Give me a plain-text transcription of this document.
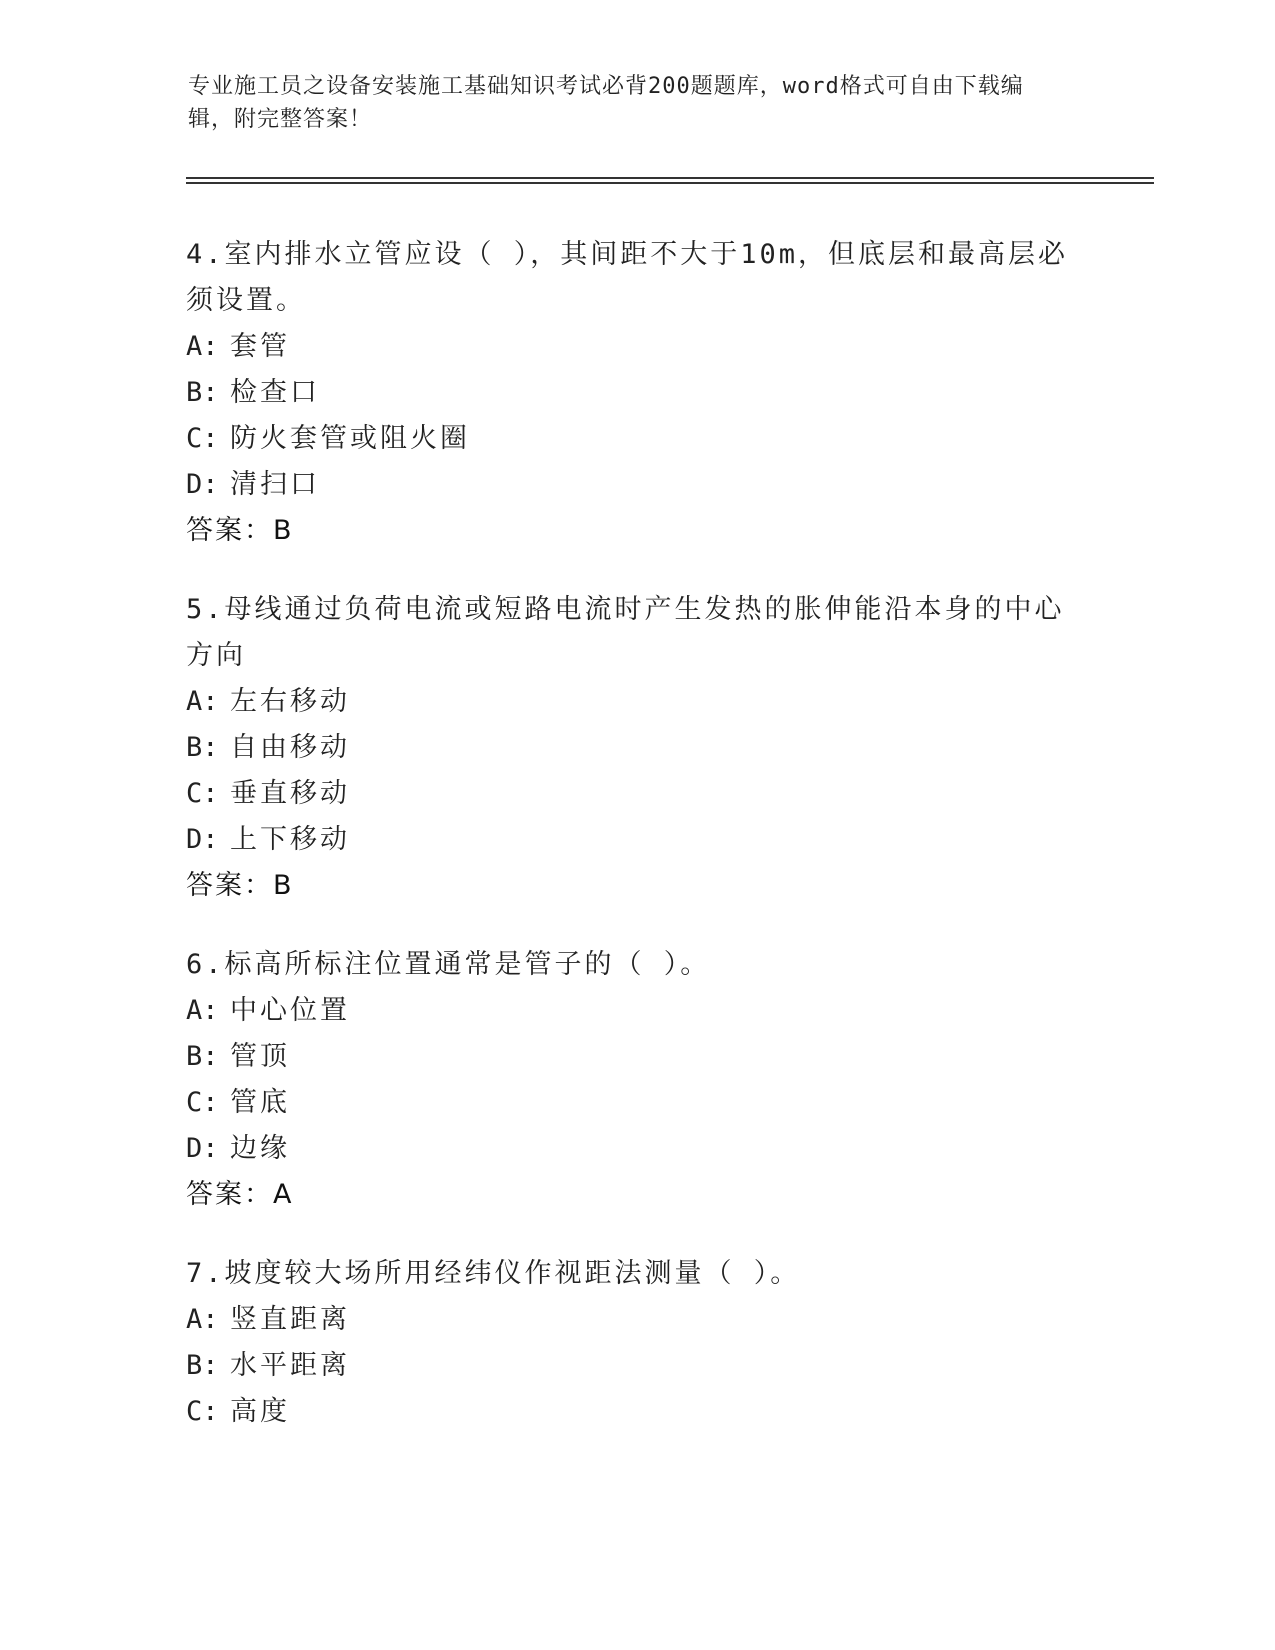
专业施工员之设备安装施工基础知识考试必背200题题库，word格式可自由下载编辑，附完整答案！

4.室内排水立管应设（ ），其间距不大于10m，但底层和最高层必须设置。

A: 套管
B: 检查口
C: 防火套管或阻火圈
D: 清扫口
答案：B

5.母线通过负荷电流或短路电流时产生发热的胀伸能沿本身的中心方向

A: 左右移动
B: 自由移动
C: 垂直移动
D: 上下移动
答案：B

6.标高所标注位置通常是管子的（ ）。

A: 中心位置
B: 管顶
C: 管底
D: 边缘
答案：A

7.坡度较大场所用经纬仪作视距法测量（ ）。

A: 竖直距离
B: 水平距离
C: 高度
